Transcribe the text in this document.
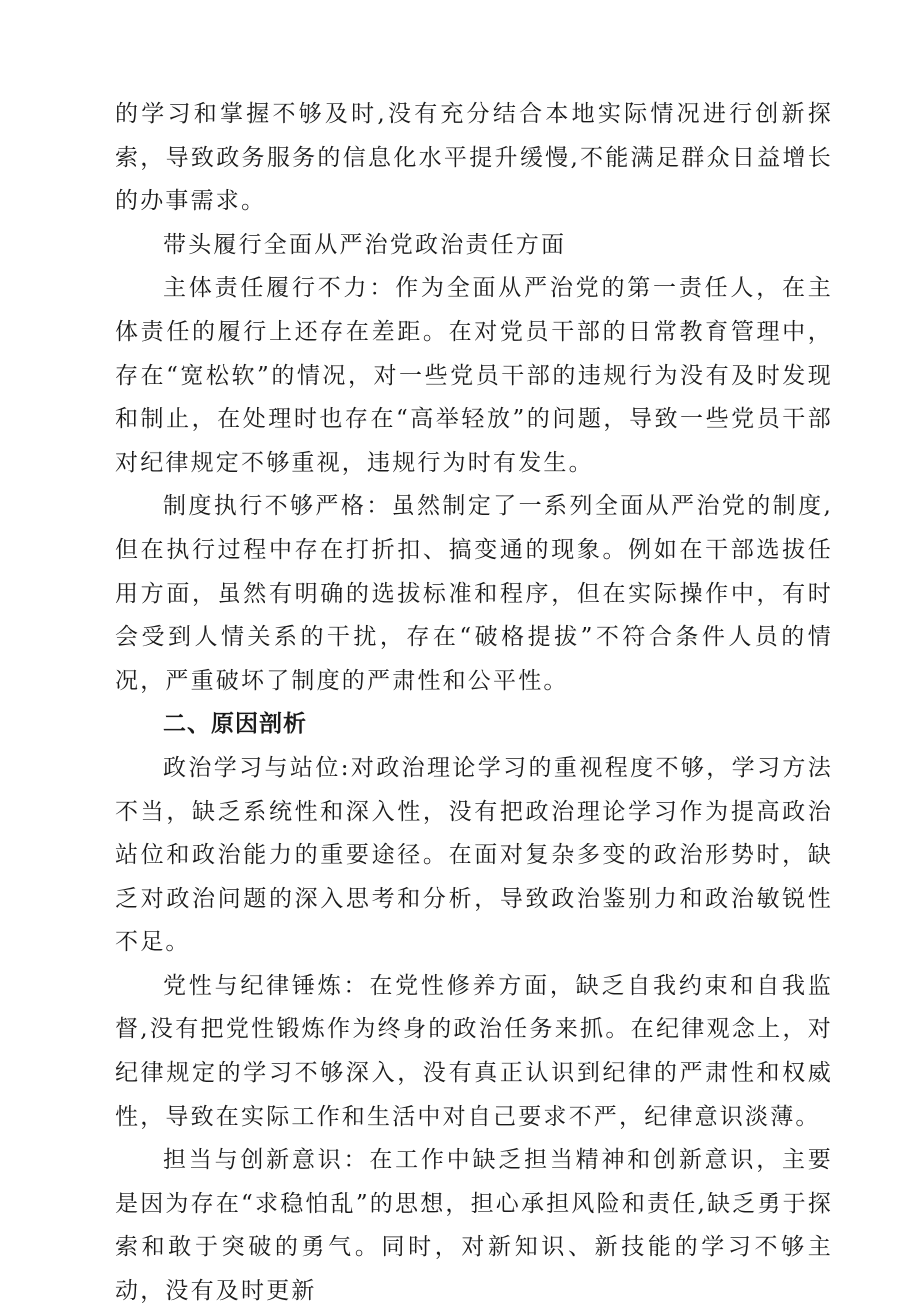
的学习和掌握不够及时,没有充分结合本地实际情况进行创新探索，导致政务服务的信息化水平提升缓慢,不能满足群众日益增长的办事需求。

带头履行全面从严治党政治责任方面

主体责任履行不力：作为全面从严治党的第一责任人，在主体责任的履行上还存在差距。在对党员干部的日常教育管理中，存在“宽松软”的情况，对一些党员干部的违规行为没有及时发现和制止，在处理时也存在“高举轻放”的问题，导致一些党员干部对纪律规定不够重视，违规行为时有发生。

制度执行不够严格：虽然制定了一系列全面从严治党的制度,但在执行过程中存在打折扣、搞变通的现象。例如在干部选拔任用方面，虽然有明确的选拔标准和程序，但在实际操作中，有时会受到人情关系的干扰，存在“破格提拔”不符合条件人员的情况，严重破坏了制度的严肃性和公平性。

二、原因剖析

政治学习与站位:对政治理论学习的重视程度不够，学习方法不当，缺乏系统性和深入性，没有把政治理论学习作为提高政治站位和政治能力的重要途径。在面对复杂多变的政治形势时，缺乏对政治问题的深入思考和分析，导致政治鉴别力和政治敏锐性不足。

党性与纪律锤炼：在党性修养方面，缺乏自我约束和自我监督,没有把党性锻炼作为终身的政治任务来抓。在纪律观念上，对纪律规定的学习不够深入，没有真正认识到纪律的严肃性和权威性，导致在实际工作和生活中对自己要求不严，纪律意识淡薄。

担当与创新意识：在工作中缺乏担当精神和创新意识，主要是因为存在“求稳怕乱”的思想，担心承担风险和责任,缺乏勇于探索和敢于突破的勇气。同时，对新知识、新技能的学习不够主动，没有及时更新
